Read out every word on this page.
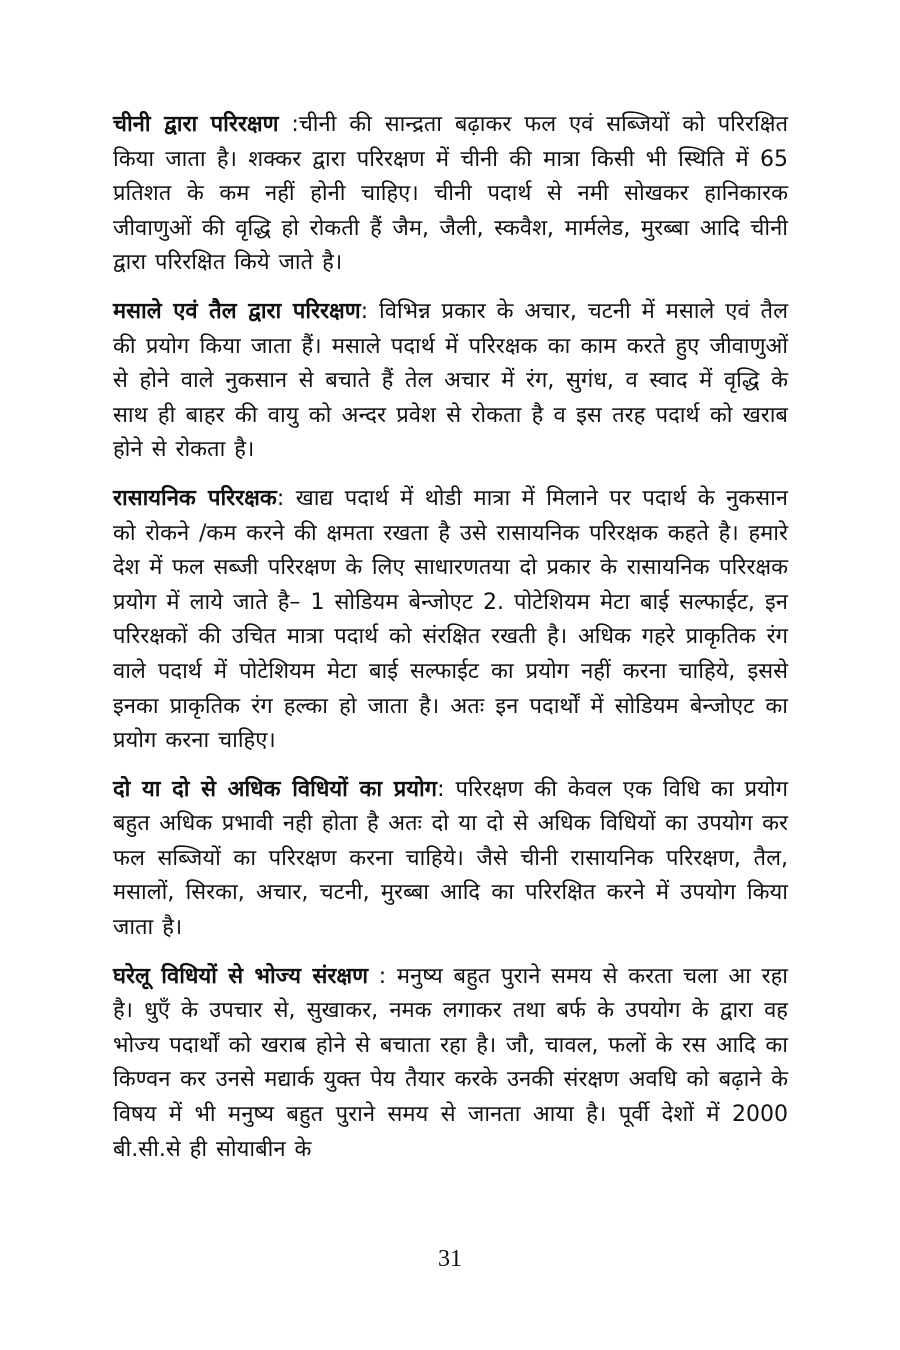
चीनी द्वारा परिरक्षण :चीनी की सान्द्रता बढ़ाकर फल एवं सब्जियों को परिरक्षित किया जाता है। शक्कर द्वारा परिरक्षण में चीनी की मात्रा किसी भी स्थिति में 65 प्रतिशत के कम नहीं होनी चाहिए। चीनी पदार्थ से नमी सोखकर हानिकारक जीवाणुओं की वृद्धि हो रोकती हैं जैम, जैली, स्कवैश, मार्मलेड, मुरब्बा आदि चीनी द्वारा परिरक्षित किये जाते है।

मसाले एवं तैल द्वारा परिरक्षण: विभिन्न प्रकार के अचार, चटनी में मसाले एवं तैल की प्रयोग किया जाता हैं। मसाले पदार्थ में परिरक्षक का काम करते हुए जीवाणुओं से होने वाले नुकसान से बचाते हैं तेल अचार में रंग, सुगंध, व स्वाद में वृद्धि के साथ ही बाहर की वायु को अन्दर प्रवेश से रोकता है व इस तरह पदार्थ को खराब होने से रोकता है।

रासायनिक परिरक्षक: खाद्य पदार्थ में थोडी मात्रा में मिलाने पर पदार्थ के नुकसान को रोकने /कम करने की क्षमता रखता है उसे रासायनिक परिरक्षक कहते है। हमारे देश में फल सब्जी परिरक्षण के लिए साधारणतया दो प्रकार के रासायनिक परिरक्षक प्रयोग में लाये जाते है– 1 सोडियम बेन्जोएट 2. पोटेशियम मेटा बाई सल्फाईट, इन परिरक्षकों की उचित मात्रा पदार्थ को संरक्षित रखती है। अधिक गहरे प्राकृतिक रंग वाले पदार्थ में पोटेशियम मेटा बाई सल्फाईट का प्रयोग नहीं करना चाहिये, इससे इनका प्राकृतिक रंग हल्का हो जाता है। अतः इन पदार्थों में सोडियम बेन्जोएट का प्रयोग करना चाहिए।

दो या दो से अधिक विधियों का प्रयोग: परिरक्षण की केवल एक विधि का प्रयोग बहुत अधिक प्रभावी नही होता है अतः दो या दो से अधिक विधियों का उपयोग कर फल सब्जियों का परिरक्षण करना चाहिये। जैसे चीनी रासायनिक परिरक्षण, तैल, मसालों, सिरका, अचार, चटनी, मुरब्बा आदि का परिरक्षित करने में उपयोग किया जाता है।

घरेलू विधियों से भोज्य संरक्षण : मनुष्य बहुत पुराने समय से करता चला आ रहा है। धुएँ के उपचार से, सुखाकर, नमक लगाकर तथा बर्फ के उपयोग के द्वारा वह भोज्य पदार्थों को खराब होने से बचाता रहा है। जौ, चावल, फलों के रस आदि का किण्वन कर उनसे मद्यार्क युक्त पेय तैयार करके उनकी संरक्षण अवधि को बढ़ाने के विषय में भी मनुष्य बहुत पुराने समय से जानता आया है। पूर्वी देशों में 2000 बी.सी.से ही सोयाबीन के

31
